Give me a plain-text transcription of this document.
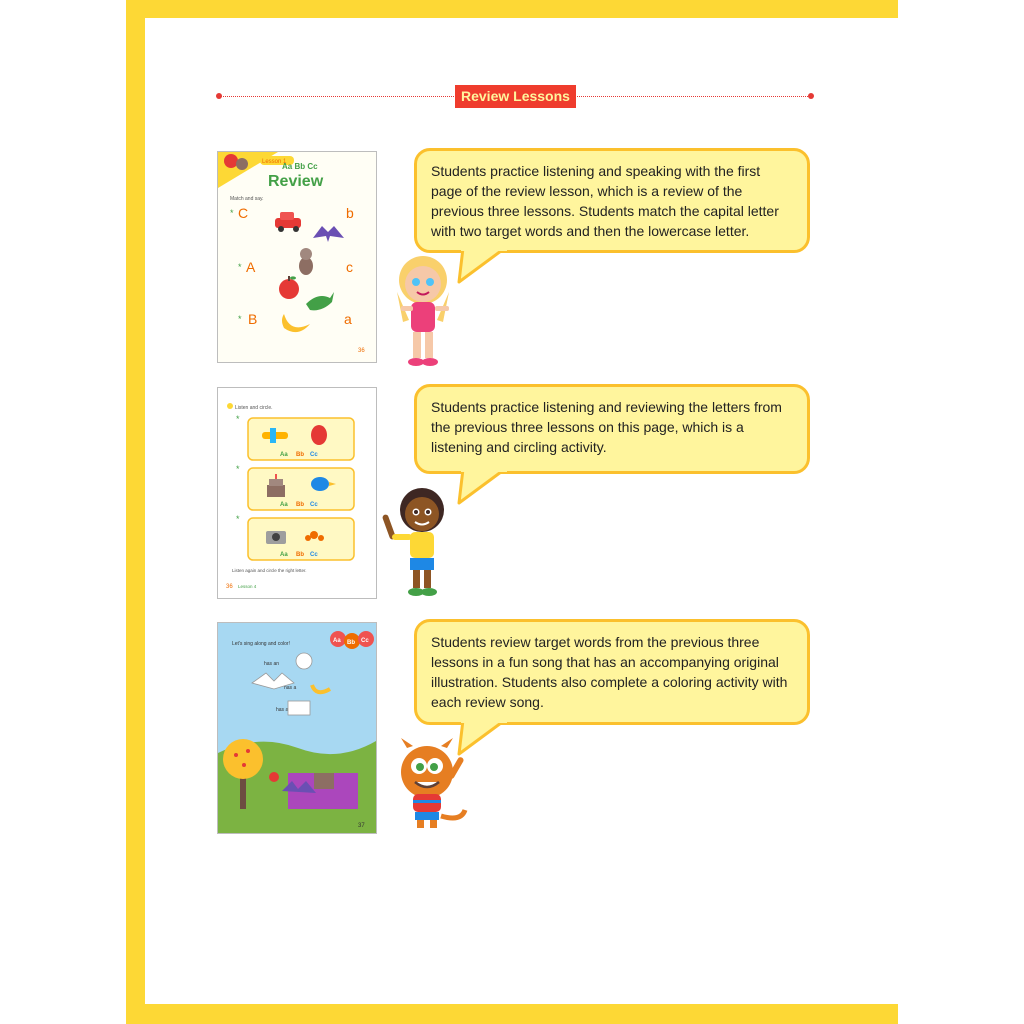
Review Lessons
Lesson 1
Aa Bb Cc
Review
Match and say.
C
A
B
b
c
a
*
*
*
36
Students practice listening and speaking with the first page of the review lesson, which is a review of the previous three lessons. Students match the capital letter with two target words and then the lowercase letter.
Listen and circle.
*
*
*
Aa Bb Cc
Aa Bb Cc
Aa Bb Cc
Listen again and circle the right letter.
36 Lesson 4
Students practice listening and reviewing the letters from the previous three lessons on this page, which is a listening and circling activity.
Let's sing along and color!	Aa Bb Cc
has an
has a
has a
37
Students review target words from the previous three lessons in a fun song that has an accompanying original illustration. Students also complete a coloring activity with each review song.
